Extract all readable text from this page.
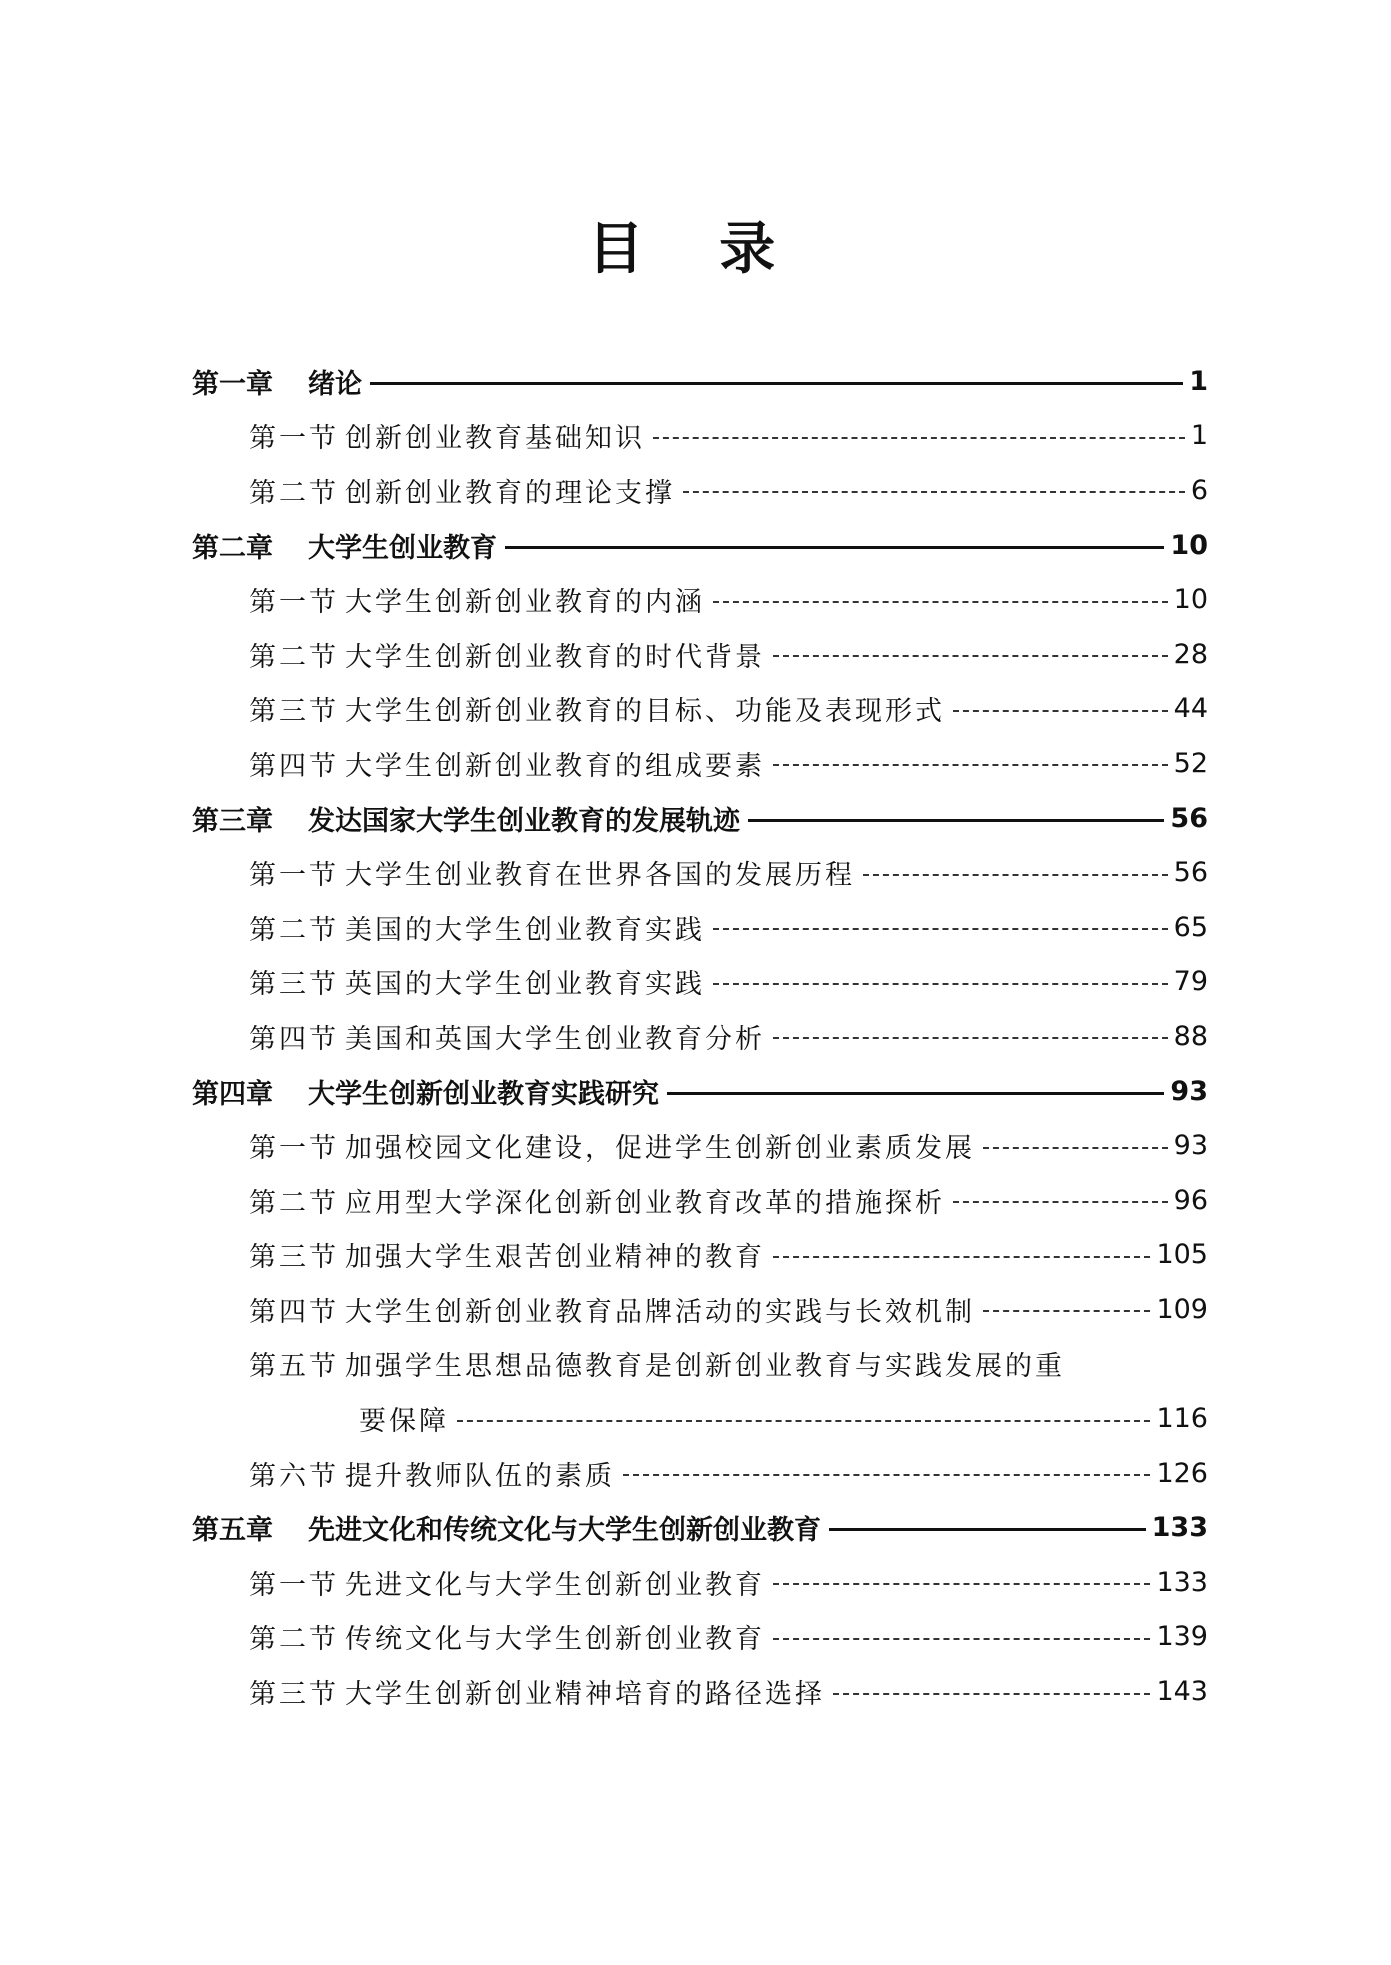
目 录
第一章	绪论	1
第一节 创新创业教育基础知识	1
第二节 创新创业教育的理论支撑	6
第二章	大学生创业教育	10
第一节 大学生创新创业教育的内涵	10
第二节 大学生创新创业教育的时代背景	28
第三节 大学生创新创业教育的目标、功能及表现形式	44
第四节 大学生创新创业教育的组成要素	52
第三章	发达国家大学生创业教育的发展轨迹	56
第一节 大学生创业教育在世界各国的发展历程	56
第二节 美国的大学生创业教育实践	65
第三节 英国的大学生创业教育实践	79
第四节 美国和英国大学生创业教育分析	88
第四章	大学生创新创业教育实践研究	93
第一节 加强校园文化建设，促进学生创新创业素质发展	93
第二节 应用型大学深化创新创业教育改革的措施探析	96
第三节 加强大学生艰苦创业精神的教育	105
第四节 大学生创新创业教育品牌活动的实践与长效机制	109
第五节 加强学生思想品德教育是创新创业教育与实践发展的重
要保障	116
第六节 提升教师队伍的素质	126
第五章	先进文化和传统文化与大学生创新创业教育	133
第一节 先进文化与大学生创新创业教育	133
第二节 传统文化与大学生创新创业教育	139
第三节 大学生创新创业精神培育的路径选择	143
